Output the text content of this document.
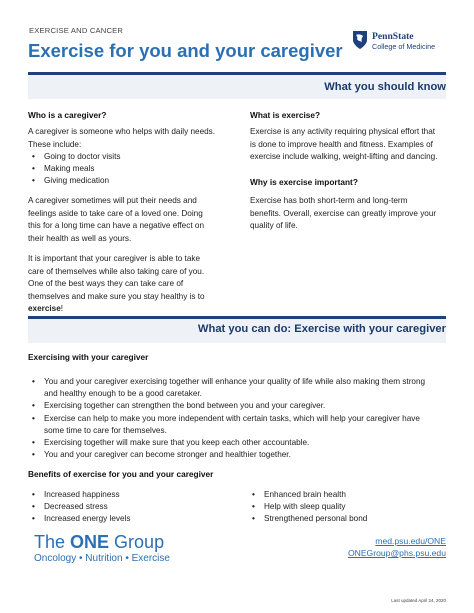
EXERCISE AND CANCER
Exercise for you and your caregiver
PennState
College of Medicine
What you should know
Who is a caregiver?
A caregiver is someone who helps with daily needs.
These include:
• Going to doctor visits
• Making meals
• Giving medication
A caregiver sometimes will put their needs and
feelings aside to take care of a loved one. Doing
this for a long time can have a negative effect on
their health as well as yours.
It is important that your caregiver is able to take
care of themselves while also taking care of you.
One of the best ways they can take care of
themselves and make sure you stay healthy is to
exercise!
What is exercise?
Exercise is any activity requiring physical effort that
is done to improve health and fitness. Examples of
exercise include walking, weight-lifting and dancing.
Why is exercise important?
Exercise has both short-term and long-term
benefits. Overall, exercise can greatly improve your
quality of life.
What you can do: Exercise with your caregiver
Exercising with your caregiver
• You and your caregiver exercising together will enhance your quality of life while also making them strong
and healthy enough to be a good caretaker.
• Exercising together can strengthen the bond between you and your caregiver.
• Exercise can help to make you more independent with certain tasks, which will help your caregiver have
some time to care for themselves.
• Exercising together will make sure that you keep each other accountable.
• You and your caregiver can become stronger and healthier together.
Benefits of exercise for you and your caregiver
• Increased happiness
• Decreased stress
• Increased energy levels
• Enhanced brain health
• Help with sleep quality
• Strengthened personal bond
The ONE Group
Oncology • Nutrition • Exercise
med.psu.edu/ONE
ONEGroup@phs.psu.edu
Last updated April 24, 2020
